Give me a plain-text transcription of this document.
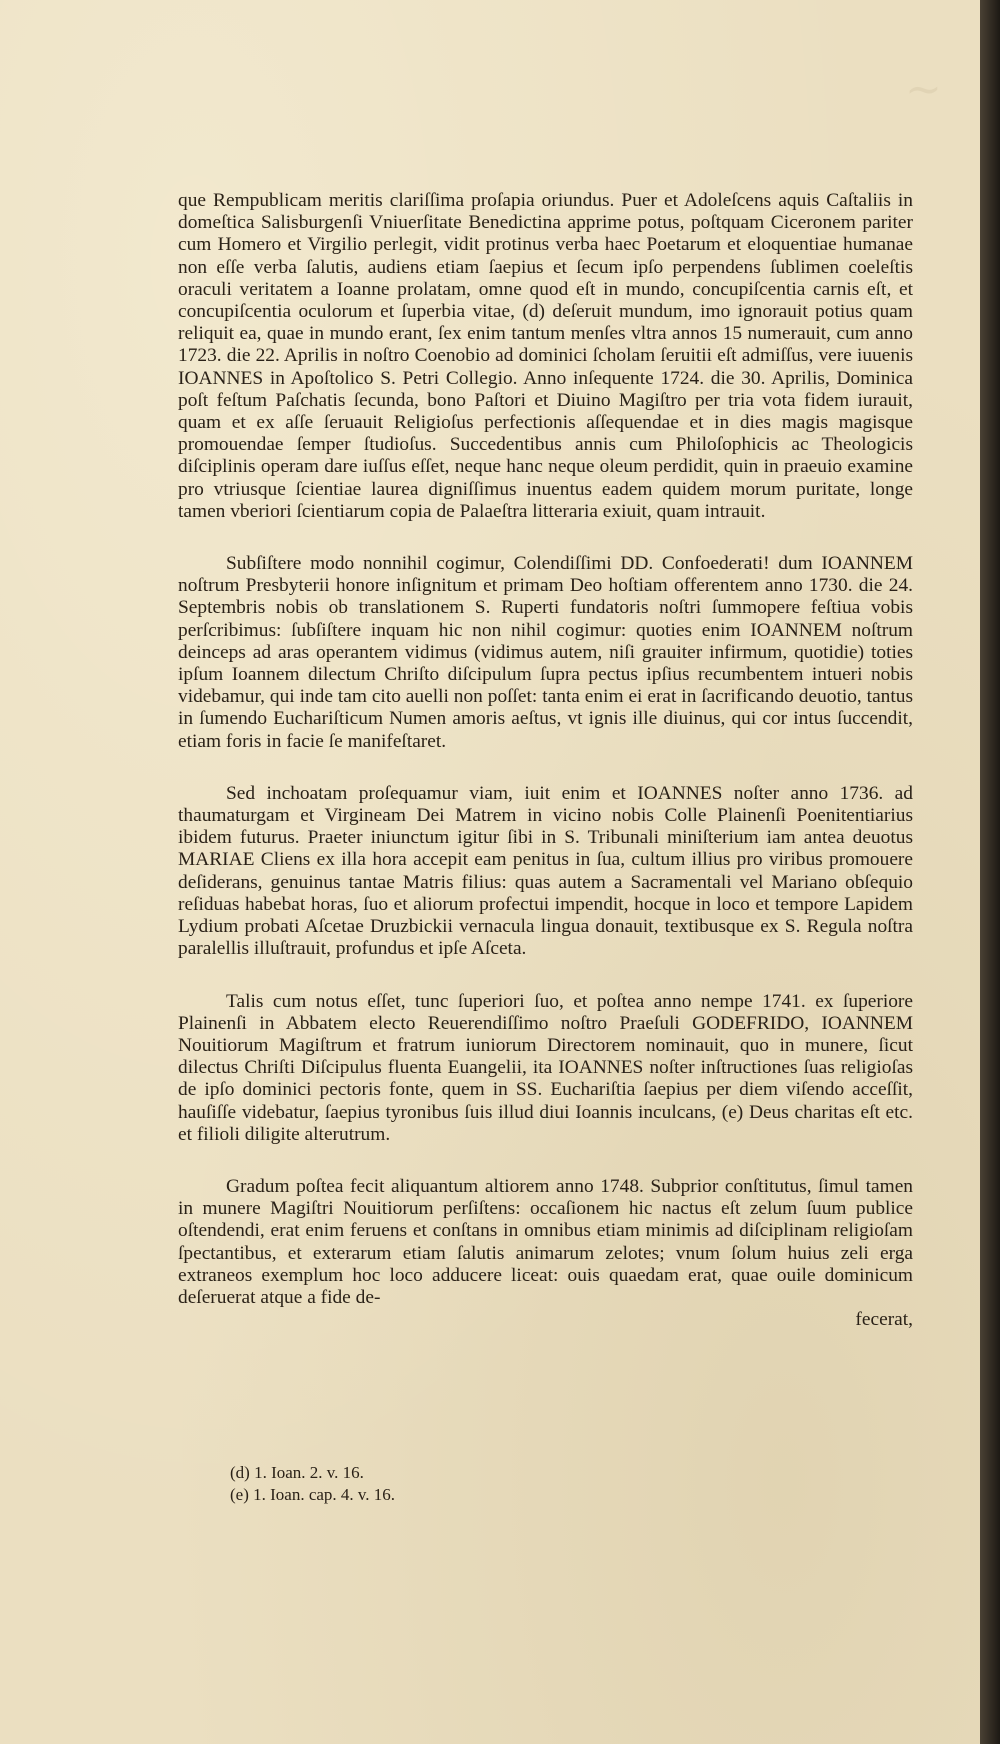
∼

que Rempublicam meritis clariſſima proſapia oriundus. Puer et Adoleſcens aquis Caſtaliis in domeſtica Salisburgenſi Vniuerſitate Benedictina apprime potus, poſtquam Ciceronem pariter cum Homero et Virgilio perlegit, vidit protinus verba haec Poetarum et eloquentiae humanae non eſſe verba ſalutis, audiens etiam ſaepius et ſecum ipſo perpendens ſublimen coeleſtis oraculi veritatem a Ioanne prolatam, omne quod eſt in mundo, concupiſcentia carnis eſt, et concupiſcentia oculorum et ſuperbia vitae, (d) deſeruit mundum, imo ignorauit potius quam reliquit ea, quae in mundo erant, ſex enim tantum menſes vltra annos 15 numerauit, cum anno 1723. die 22. Aprilis in noſtro Coenobio ad dominici ſcholam ſeruitii eſt admiſſus, vere iuuenis IOANNES in Apoſtolico S. Petri Collegio. Anno inſequente 1724. die 30. Aprilis, Dominica poſt feſtum Paſchatis ſecunda, bono Paſtori et Diuino Magiſtro per tria vota fidem iurauit, quam et ex aſſe ſeruauit Religioſus perfectionis aſſequendae et in dies magis magisque promouendae ſemper ſtudioſus. Succedentibus annis cum Philoſophicis ac Theologicis diſciplinis operam dare iuſſus eſſet, neque hanc neque oleum perdidit, quin in praeuio examine pro vtriusque ſcientiae laurea digniſſimus inuentus eadem quidem morum puritate, longe tamen vberiori ſcientiarum copia de Palaeſtra litteraria exiuit, quam intrauit.

Subſiſtere modo nonnihil cogimur, Colendiſſimi DD. Confoederati! dum IOANNEM noſtrum Presbyterii honore inſignitum et primam Deo hoſtiam offerentem anno 1730. die 24. Septembris nobis ob translationem S. Ruperti fundatoris noſtri ſummopere feſtiua vobis perſcribimus: ſubſiſtere inquam hic non nihil cogimur: quoties enim IOANNEM noſtrum deinceps ad aras operantem vidimus (vidimus autem, niſi grauiter infirmum, quotidie) toties ipſum Ioannem dilectum Chriſto diſcipulum ſupra pectus ipſius recumbentem intueri nobis videbamur, qui inde tam cito auelli non poſſet: tanta enim ei erat in ſacrificando deuotio, tantus in ſumendo Euchariſticum Numen amoris aeſtus, vt ignis ille diuinus, qui cor intus ſuccendit, etiam foris in facie ſe manifeſtaret.

Sed inchoatam proſequamur viam, iuit enim et IOANNES noſter anno 1736. ad thaumaturgam et Virgineam Dei Matrem in vicino nobis Colle Plainenſi Poenitentiarius ibidem futurus. Praeter iniunctum igitur ſibi in S. Tribunali miniſterium iam antea deuotus MARIAE Cliens ex illa hora accepit eam penitus in ſua, cultum illius pro viribus promouere deſiderans, genuinus tantae Matris filius: quas autem a Sacramentali vel Mariano obſequio reſiduas habebat horas, ſuo et aliorum profectui impendit, hocque in loco et tempore Lapidem Lydium probati Aſcetae Druzbickii vernacula lingua donauit, textibusque ex S. Regula noſtra paralellis illuſtrauit, profundus et ipſe Aſceta.

Talis cum notus eſſet, tunc ſuperiori ſuo, et poſtea anno nempe 1741. ex ſuperiore Plainenſi in Abbatem electo Reuerendiſſimo noſtro Praeſuli GODEFRIDO, IOANNEM Nouitiorum Magiſtrum et fratrum iuniorum Directorem nominauit, quo in munere, ſicut dilectus Chriſti Diſcipulus fluenta Euangelii, ita IOANNES noſter inſtructiones ſuas religioſas de ipſo dominici pectoris fonte, quem in SS. Euchariſtia ſaepius per diem viſendo acceſſit, hauſiſſe videbatur, ſaepius tyronibus ſuis illud diui Ioannis inculcans, (e) Deus charitas eſt etc. et filioli diligite alterutrum.

Gradum poſtea fecit aliquantum altiorem anno 1748. Subprior conſtitutus, ſimul tamen in munere Magiſtri Nouitiorum perſiſtens: occaſionem hic nactus eſt zelum ſuum publice oſtendendi, erat enim feruens et conſtans in omnibus etiam minimis ad diſciplinam religioſam ſpectantibus, et exterarum etiam ſalutis animarum zelotes; vnum ſolum huius zeli erga extraneos exemplum hoc loco adducere liceat: ouis quaedam erat, quae ouile dominicum deſeruerat atque a fide de-

fecerat,

(d) 1. Ioan. 2. v. 16.
(e) 1. Ioan. cap. 4. v. 16.
